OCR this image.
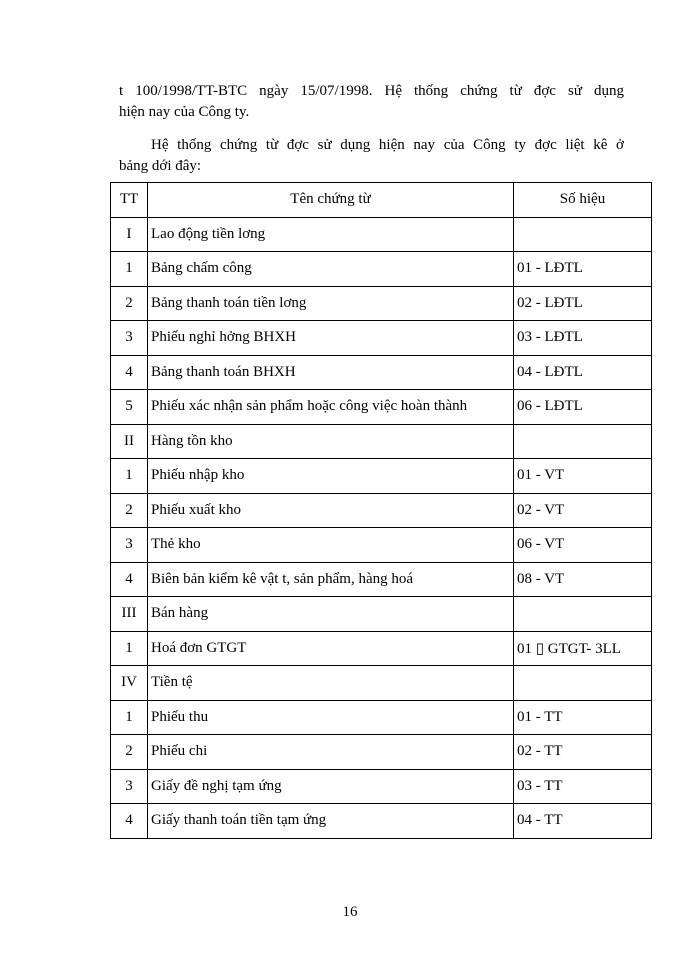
t 100/1998/TT-BTC ngày 15/07/1998. Hệ thống chứng từ đợc sử dụng
hiện nay của Công ty.
Hệ thống chứng từ đợc sử dụng hiện nay của Công ty đợc liệt kê ở
bảng dới đây:
TT	Tên chứng từ	Số hiệu
I	Lao động tiền lơng	
1	Bảng chấm công	01 - LĐTL
2	Bảng thanh toán tiền lơng	02 - LĐTL
3	Phiếu nghỉ hởng BHXH	03 - LĐTL
4	Bảng thanh toán BHXH	04 - LĐTL
5	Phiếu xác nhận sản phẩm hoặc công việc hoàn thành	06 - LĐTL
II	Hàng tồn kho	
1	Phiếu nhập kho	01 - VT
2	Phiếu xuất kho	02 - VT
3	Thẻ kho	06 - VT
4	Biên bản kiểm kê vật t, sản phẩm, hàng hoá	08 - VT
III	Bán hàng	
1	Hoá đơn GTGT	01 ▯ GTGT- 3LL
IV	Tiền tệ	
1	Phiếu thu	01 - TT
2	Phiếu chi	02 - TT
3	Giấy đề nghị tạm ứng	03 - TT
4	Giấy thanh toán tiền tạm ứng	04 - TT
16
